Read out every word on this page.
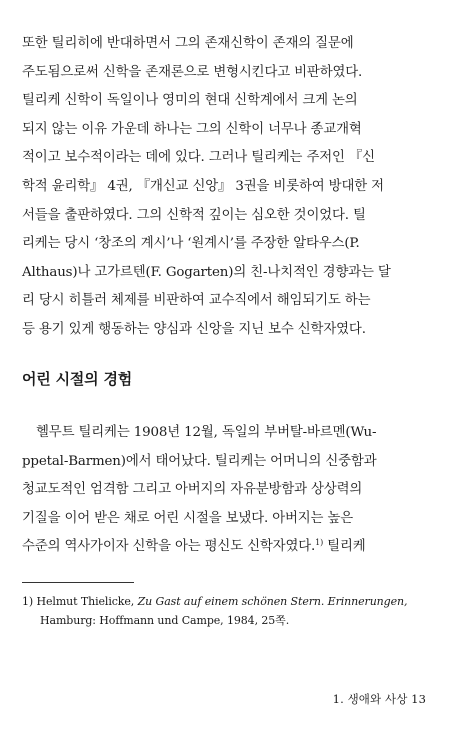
또한 틸리히에 반대하면서 그의 존재신학이 존재의 질문에
주도됨으로써 신학을 존재론으로 변형시킨다고 비판하였다.
틸리케 신학이 독일이나 영미의 현대 신학계에서 크게 논의
되지 않는 이유 가운데 하나는 그의 신학이 너무나 종교개혁
적이고 보수적이라는 데에 있다. 그러나 틸리케는 주저인 『신
학적 윤리학』 4권, 『개신교 신앙』 3권을 비롯하여 방대한 저
서들을 출판하였다. 그의 신학적 깊이는 심오한 것이었다. 틸
리케는 당시 ‘창조의 계시’나 ‘원계시’를 주장한 알타우스(P.
Althaus)나 고가르텐(F. Gogarten)의 친-나치적인 경향과는 달
리 당시 히틀러 체제를 비판하여 교수직에서 해임되기도 하는
등 용기 있게 행동하는 양심과 신앙을 지닌 보수 신학자였다.
어린 시절의 경험
헬무트 틸리케는 1908년 12월, 독일의 부버탈-바르멘(Wu-
ppetal-Barmen)에서 태어났다. 틸리케는 어머니의 신중함과
청교도적인 엄격함 그리고 아버지의 자유분방함과 상상력의
기질을 이어 받은 채로 어린 시절을 보냈다. 아버지는 높은
수준의 역사가이자 신학을 아는 평신도 신학자였다.$^{1)}$ 틸리케
1) Helmut Thielicke, Zu Gast auf einem schönen Stern. Erinnerungen,
Hamburg: Hoffmann und Campe, 1984, 25쪽.
1. 생애와 사상 13
